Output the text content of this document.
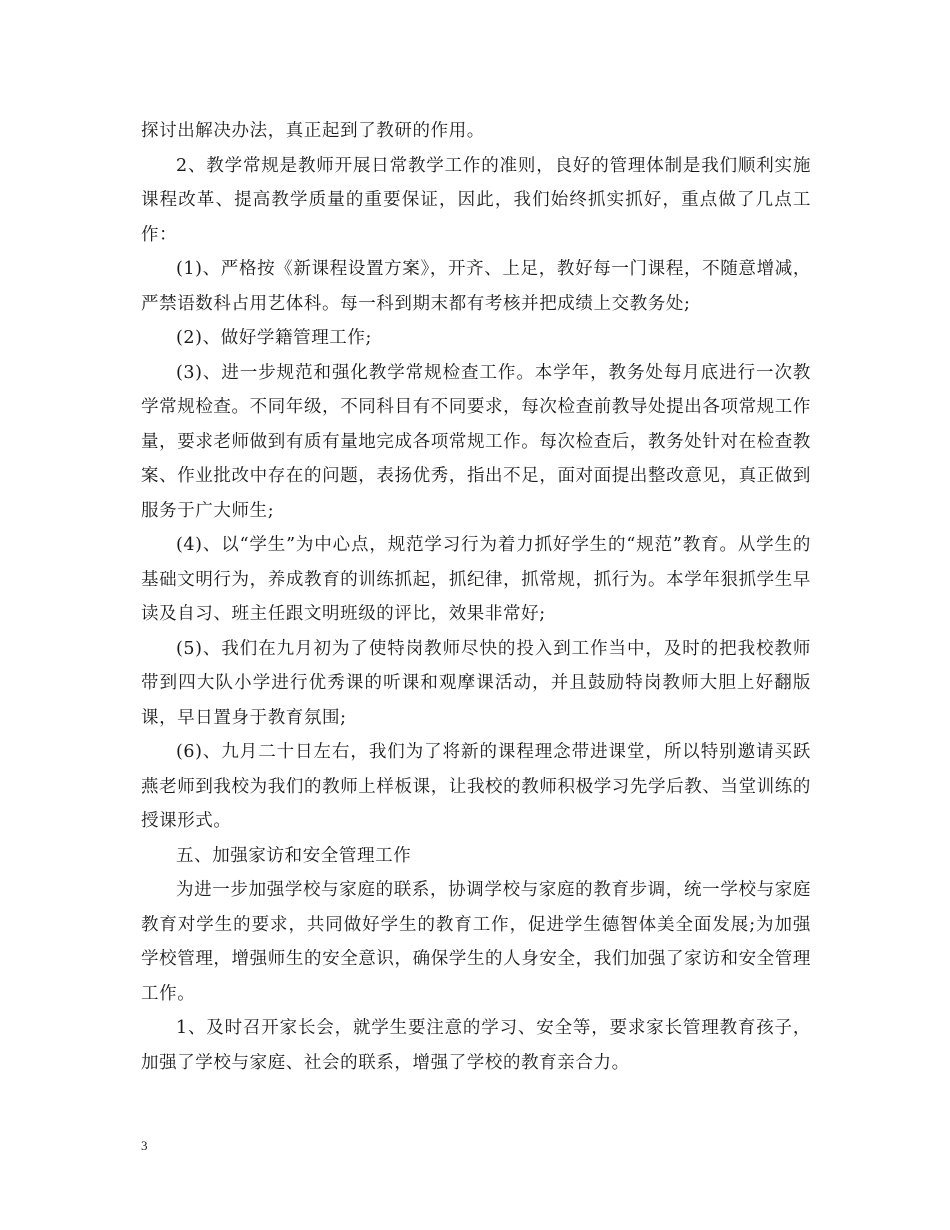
探讨出解决办法，真正起到了教研的作用。

2、教学常规是教师开展日常教学工作的准则，良好的管理体制是我们顺利实施课程改革、提高教学质量的重要保证，因此，我们始终抓实抓好，重点做了几点工作：

(1)、严格按《新课程设置方案》，开齐、上足，教好每一门课程，不随意增减，严禁语数科占用艺体科。每一科到期末都有考核并把成绩上交教务处;

(2)、做好学籍管理工作;

(3)、进一步规范和强化教学常规检查工作。本学年，教务处每月底进行一次教学常规检查。不同年级，不同科目有不同要求，每次检查前教导处提出各项常规工作量，要求老师做到有质有量地完成各项常规工作。每次检查后，教务处针对在检查教案、作业批改中存在的问题，表扬优秀，指出不足，面对面提出整改意见，真正做到服务于广大师生;

(4)、以“学生”为中心点，规范学习行为着力抓好学生的“规范”教育。从学生的基础文明行为，养成教育的训练抓起，抓纪律，抓常规，抓行为。本学年狠抓学生早读及自习、班主任跟文明班级的评比，效果非常好;

(5)、我们在九月初为了使特岗教师尽快的投入到工作当中，及时的把我校教师带到四大队小学进行优秀课的听课和观摩课活动，并且鼓励特岗教师大胆上好翻版课，早日置身于教育氛围;

(6)、九月二十日左右，我们为了将新的课程理念带进课堂，所以特别邀请买跃燕老师到我校为我们的教师上样板课，让我校的教师积极学习先学后教、当堂训练的授课形式。

五、加强家访和安全管理工作

为进一步加强学校与家庭的联系，协调学校与家庭的教育步调，统一学校与家庭教育对学生的要求，共同做好学生的教育工作，促进学生德智体美全面发展;为加强学校管理，增强师生的安全意识，确保学生的人身安全，我们加强了家访和安全管理工作。

1、及时召开家长会，就学生要注意的学习、安全等，要求家长管理教育孩子，加强了学校与家庭、社会的联系，增强了学校的教育亲合力。

3
